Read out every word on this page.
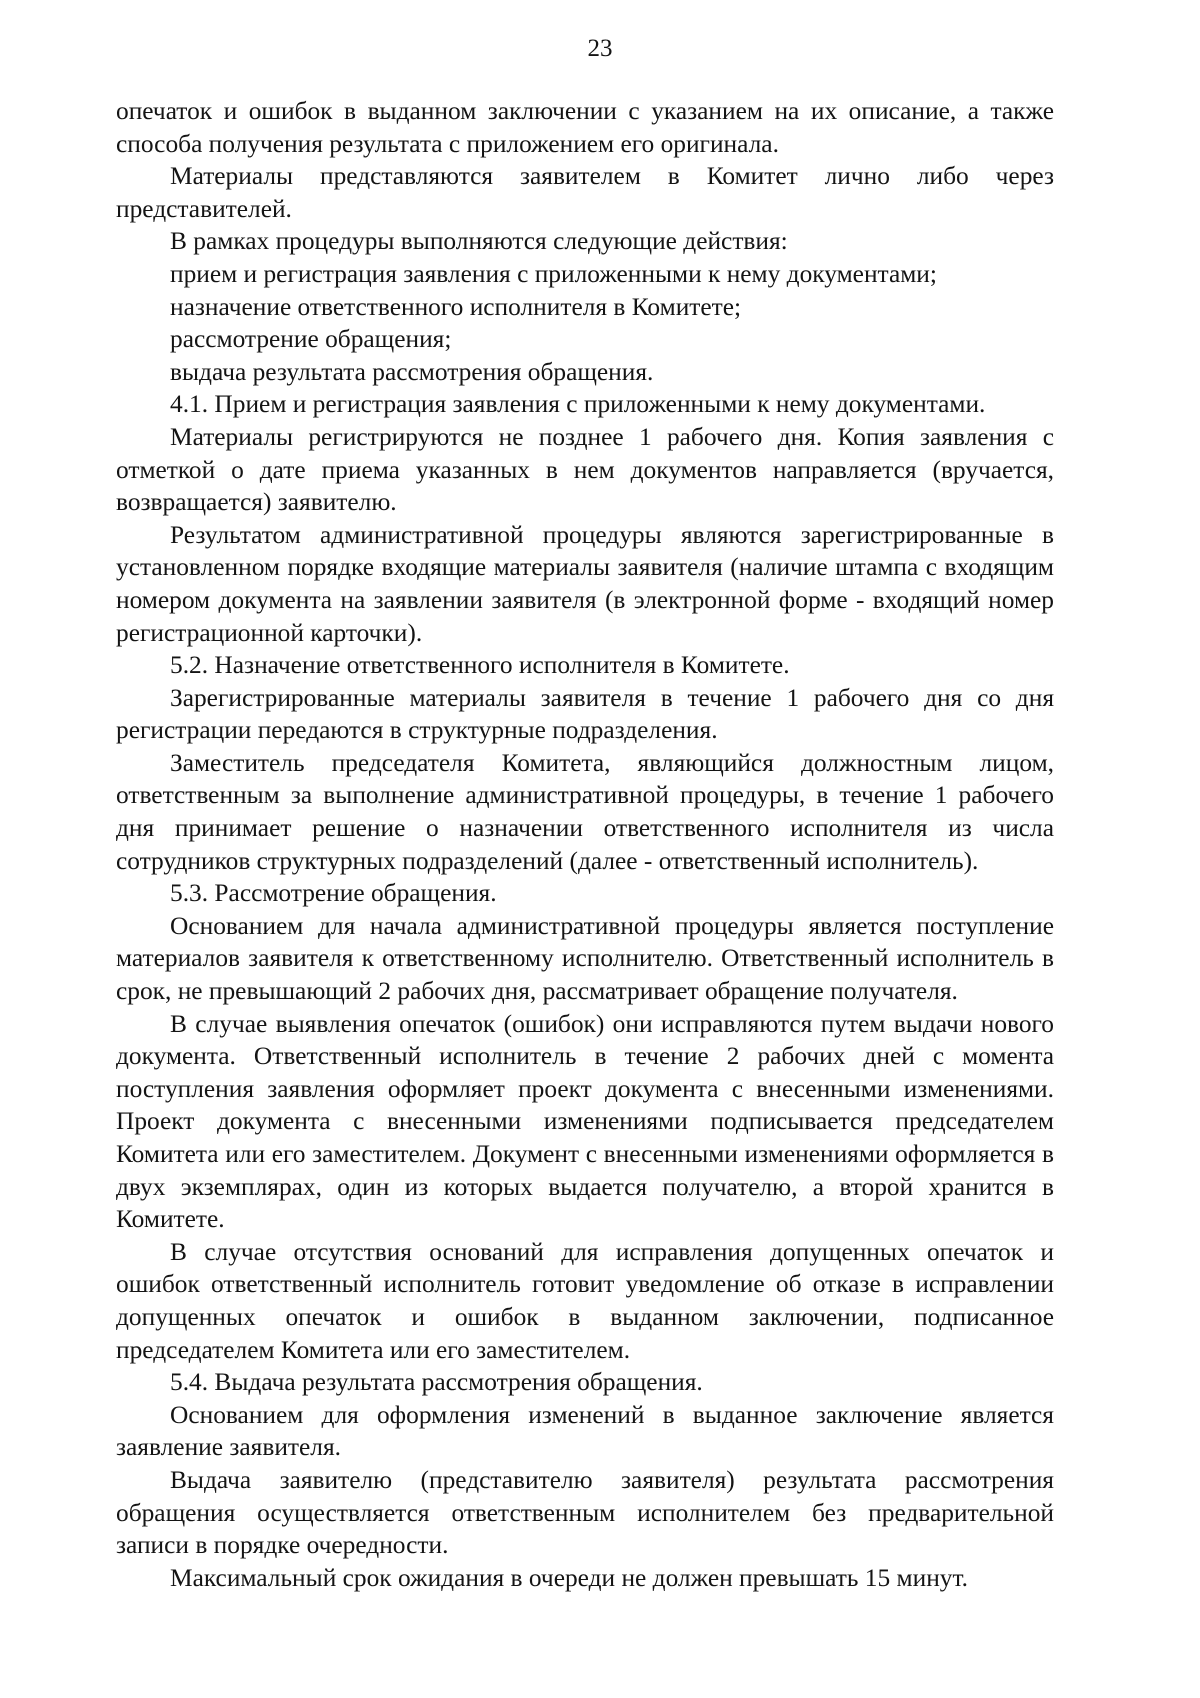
23

опечаток и ошибок в выданном заключении с указанием на их описание, а также способа получения результата с приложением его оригинала.

Материалы представляются заявителем в Комитет лично либо через представителей.

В рамках процедуры выполняются следующие действия:

прием и регистрация заявления с приложенными к нему документами;

назначение ответственного исполнителя в Комитете;

рассмотрение обращения;

выдача результата рассмотрения обращения.

4.1. Прием и регистрация заявления с приложенными к нему документами.

Материалы регистрируются не позднее 1 рабочего дня. Копия заявления с отметкой о дате приема указанных в нем документов направляется (вручается, возвращается) заявителю.

Результатом административной процедуры являются зарегистрированные в установленном порядке входящие материалы заявителя (наличие штампа с входящим номером документа на заявлении заявителя (в электронной форме - входящий номер регистрационной карточки).

5.2. Назначение ответственного исполнителя в Комитете.

Зарегистрированные материалы заявителя в течение 1 рабочего дня со дня регистрации передаются в структурные подразделения.

Заместитель председателя Комитета, являющийся должностным лицом, ответственным за выполнение административной процедуры, в течение 1 рабочего дня принимает решение о назначении ответственного исполнителя из числа сотрудников структурных подразделений (далее - ответственный исполнитель).

5.3. Рассмотрение обращения.

Основанием для начала административной процедуры является поступление материалов заявителя к ответственному исполнителю. Ответственный исполнитель в срок, не превышающий 2 рабочих дня, рассматривает обращение получателя.

В случае выявления опечаток (ошибок) они исправляются путем выдачи нового документа. Ответственный исполнитель в течение 2 рабочих дней с момента поступления заявления оформляет проект документа с внесенными изменениями. Проект документа с внесенными изменениями подписывается председателем Комитета или его заместителем. Документ с внесенными изменениями оформляется в двух экземплярах, один из которых выдается получателю, а второй хранится в Комитете.

В случае отсутствия оснований для исправления допущенных опечаток и ошибок ответственный исполнитель готовит уведомление об отказе в исправлении допущенных опечаток и ошибок в выданном заключении, подписанное председателем Комитета или его заместителем.

5.4. Выдача результата рассмотрения обращения.

Основанием для оформления изменений в выданное заключение является заявление заявителя.

Выдача заявителю (представителю заявителя) результата рассмотрения обращения осуществляется ответственным исполнителем без предварительной записи в порядке очередности.

Максимальный срок ожидания в очереди не должен превышать 15 минут.
